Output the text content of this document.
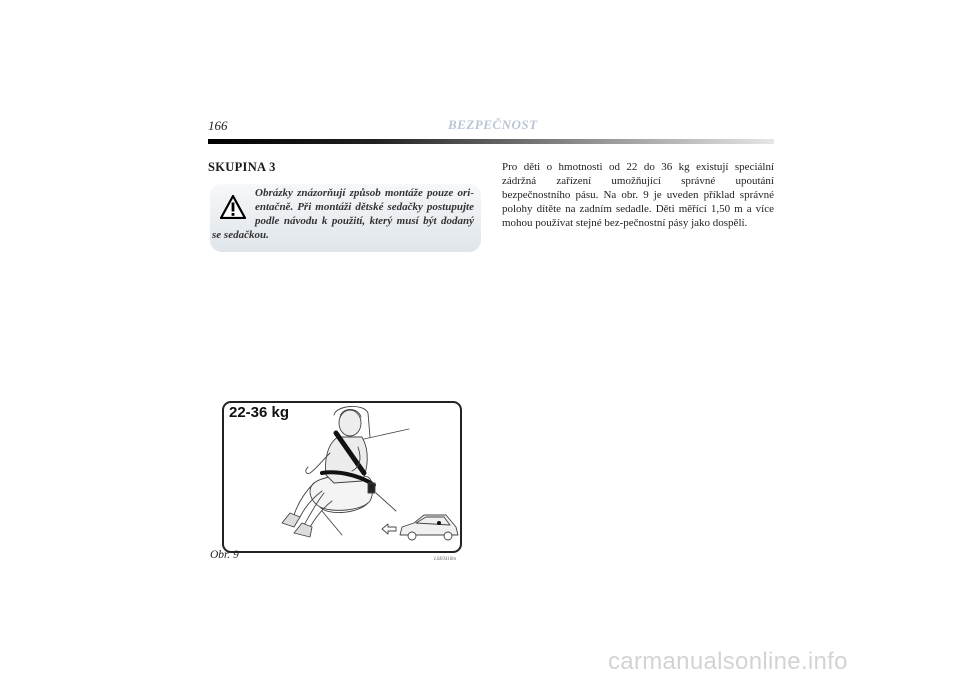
166	BEZPEČNOST
SKUPINA 3
Obrázky znázorňují způsob montáže pouze ori-entačně. Při montáži dětské sedačky postupujte podle návodu k použití, který musí být dodaný se sedačkou.
22-36 kg
L0E0418m
Obr. 9
Pro děti o hmotnosti od 22 do 36 kg existují speciální zádržná zařízení umožňující správné upoutání bezpečnostního pásu. Na obr. 9 je uveden příklad správné polohy dítěte na zadním sedadle. Děti měřící 1,50 m a více mohou používat stejné bez-pečnostní pásy jako dospělí.
carmanualsonline.info
